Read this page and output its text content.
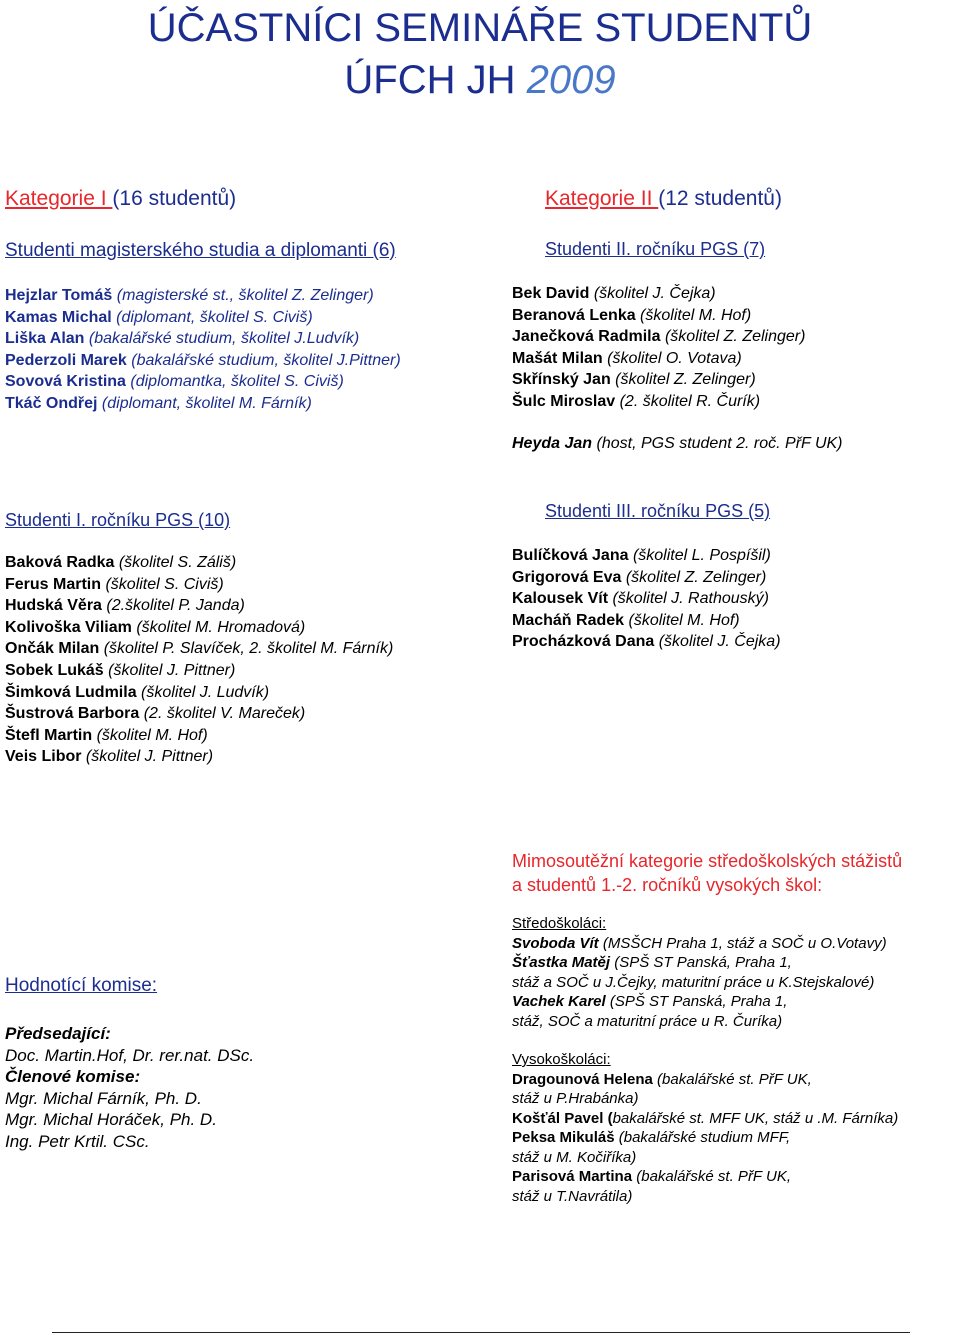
ÚČASTNÍCI SEMINÁŘE STUDENTŮ
ÚFCH JH 2009
Kategorie I (16 studentů)
Studenti magisterského studia a diplomanti (6)
Hejzlar Tomáš (magisterské st., školitel Z. Zelinger)
Kamas Michal (diplomant, školitel S. Civiš)
Liška Alan (bakalářské studium, školitel J.Ludvík)
Pederzoli Marek (bakalářské studium, školitel J.Pittner)
Sovová Kristina (diplomantka, školitel S. Civiš)
Tkáč Ondřej (diplomant, školitel M. Fárník)
Studenti I. ročníku PGS (10)
Baková Radka (školitel S. Záliš)
Ferus Martin (školitel S. Civiš)
Hudská Věra (2.školitel P. Janda)
Kolivoška Viliam (školitel M. Hromadová)
Ončák Milan (školitel P. Slavíček, 2. školitel M. Fárník)
Sobek Lukáš (školitel J. Pittner)
Šimková Ludmila (školitel J. Ludvík)
Šustrová Barbora (2. školitel V. Mareček)
Štefl Martin (školitel M. Hof)
Veis Libor (školitel J. Pittner)
Kategorie II (12 studentů)
Studenti II. ročníku PGS (7)
Bek David (školitel J. Čejka)
Beranová Lenka (školitel M. Hof)
Janečková Radmila (školitel Z. Zelinger)
Mašát Milan (školitel O. Votava)
Skřínský Jan (školitel Z. Zelinger)
Šulc Miroslav (2. školitel R. Čurík)
Heyda Jan (host, PGS student 2. roč. PřF UK)
Studenti III. ročníku PGS (5)
Bulíčková Jana (školitel L. Pospíšil)
Grigorová Eva (školitel Z. Zelinger)
Kalousek Vít (školitel J. Rathouský)
Macháň Radek (školitel M. Hof)
Procházková Dana (školitel J. Čejka)
Mimosoutěžní kategorie středoškolských stážistů
a studentů 1.-2. ročníků vysokých škol:
Středoškoláci:
Svoboda Vít (MSŠCH Praha 1, stáž a SOČ u O.Votavy)
Šťastka Matěj (SPŠ ST Panská, Praha 1,
stáž a SOČ u J.Čejky, maturitní práce u K.Stejskalové)
Vachek Karel (SPŠ ST Panská, Praha 1,
stáž, SOČ a maturitní práce u R. Čuríka)
Vysokoškoláci:
Dragounová Helena (bakalářské st. PřF UK,
stáž u P.Hrabánka)
Košťál Pavel (bakalářské st. MFF UK, stáž u .M. Fárníka)
Peksa Mikuláš (bakalářské studium MFF,
stáž u M. Kočiříka)
Parisová Martina (bakalářské st. PřF UK,
stáž u T.Navrátila)
Hodnotící komise:
Předsedající:
Doc. Martin.Hof, Dr. rer.nat. DSc.
Členové komise:
Mgr. Michal Fárník, Ph. D.
Mgr. Michal Horáček, Ph. D.
Ing. Petr Krtil. CSc.
